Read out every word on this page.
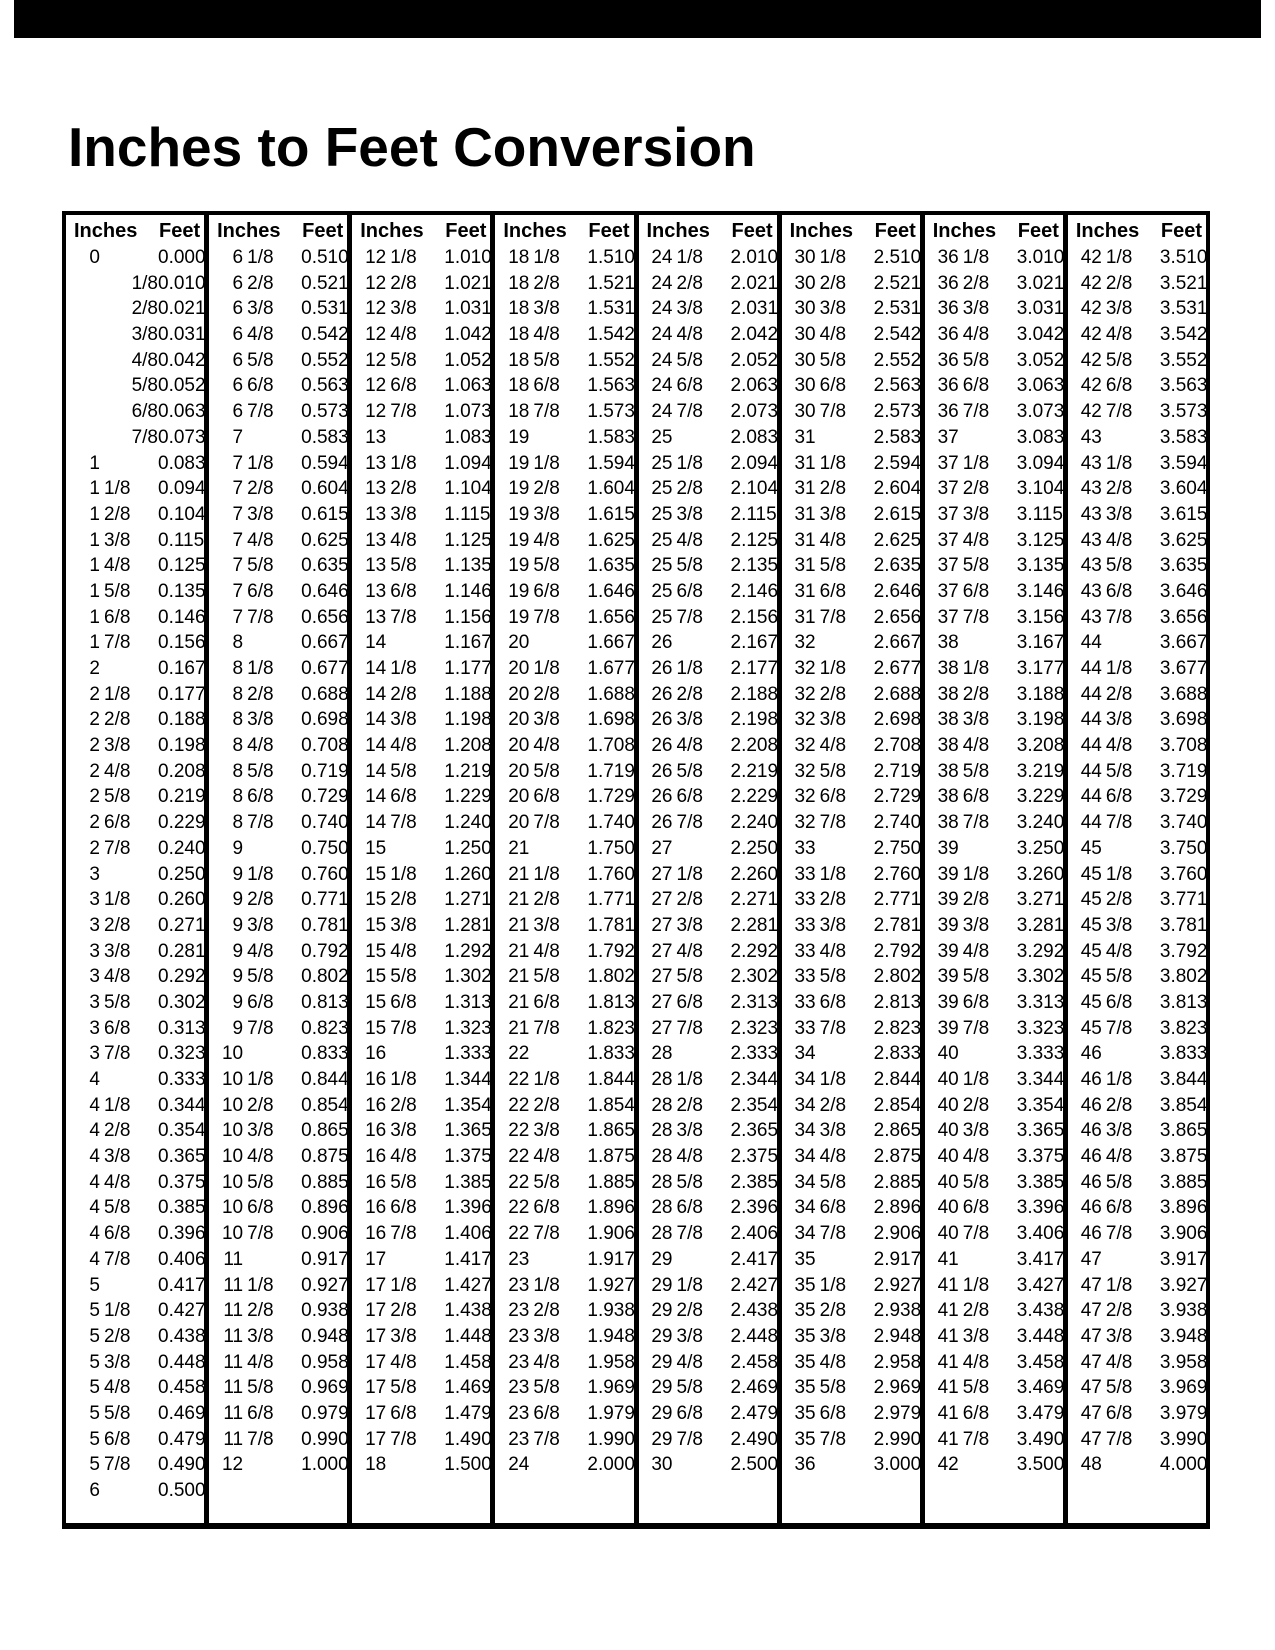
Inches to Feet Conversion
Inches Feet
0	0.000
1/8 0.010
2/8 0.021
3/8 0.031
4/8 0.042
5/8 0.052
6/8 0.063
7/8 0.073
1	0.083
1 1/8	0.094
1 2/8	0.104
1 3/8	0.115
1 4/8	0.125
1 5/8	0.135
1 6/8	0.146
1 7/8	0.156
2	0.167
2 1/8	0.177
2 2/8	0.188
2 3/8	0.198
2 4/8	0.208
2 5/8	0.219
2 6/8	0.229
2 7/8	0.240
3	0.250
3 1/8	0.260
3 2/8	0.271
3 3/8	0.281
3 4/8	0.292
3 5/8	0.302
3 6/8	0.313
3 7/8	0.323
4	0.333
4 1/8	0.344
4 2/8	0.354
4 3/8	0.365
4 4/8	0.375
4 5/8	0.385
4 6/8	0.396
4 7/8	0.406
5	0.417
5 1/8	0.427
5 2/8	0.438
5 3/8	0.448
5 4/8	0.458
5 5/8	0.469
5 6/8	0.479
5 7/8	0.490
6	0.500
Inches Feet
6 1/8	0.510
6 2/8	0.521
6 3/8	0.531
6 4/8	0.542
6 5/8	0.552
6 6/8	0.563
6 7/8	0.573
7	0.583
7 1/8	0.594
7 2/8	0.604
7 3/8	0.615
7 4/8	0.625
7 5/8	0.635
7 6/8	0.646
7 7/8	0.656
8	0.667
8 1/8	0.677
8 2/8	0.688
8 3/8	0.698
8 4/8	0.708
8 5/8	0.719
8 6/8	0.729
8 7/8	0.740
9	0.750
9 1/8	0.760
9 2/8	0.771
9 3/8	0.781
9 4/8	0.792
9 5/8	0.802
9 6/8	0.813
9 7/8	0.823
10	0.833
10 1/8	0.844
10 2/8	0.854
10 3/8	0.865
10 4/8	0.875
10 5/8	0.885
10 6/8	0.896
10 7/8	0.906
11	0.917
11 1/8	0.927
11 2/8	0.938
11 3/8	0.948
11 4/8	0.958
11 5/8	0.969
11 6/8	0.979
11 7/8	0.990
12	1.000
Inches Feet
12 1/8	1.010
12 2/8	1.021
12 3/8	1.031
12 4/8	1.042
12 5/8	1.052
12 6/8	1.063
12 7/8	1.073
13	1.083
13 1/8	1.094
13 2/8	1.104
13 3/8	1.115
13 4/8	1.125
13 5/8	1.135
13 6/8	1.146
13 7/8	1.156
14	1.167
14 1/8	1.177
14 2/8	1.188
14 3/8	1.198
14 4/8	1.208
14 5/8	1.219
14 6/8	1.229
14 7/8	1.240
15	1.250
15 1/8	1.260
15 2/8	1.271
15 3/8	1.281
15 4/8	1.292
15 5/8	1.302
15 6/8	1.313
15 7/8	1.323
16	1.333
16 1/8	1.344
16 2/8	1.354
16 3/8	1.365
16 4/8	1.375
16 5/8	1.385
16 6/8	1.396
16 7/8	1.406
17	1.417
17 1/8	1.427
17 2/8	1.438
17 3/8	1.448
17 4/8	1.458
17 5/8	1.469
17 6/8	1.479
17 7/8	1.490
18	1.500
Inches Feet
18 1/8	1.510
18 2/8	1.521
18 3/8	1.531
18 4/8	1.542
18 5/8	1.552
18 6/8	1.563
18 7/8	1.573
19	1.583
19 1/8	1.594
19 2/8	1.604
19 3/8	1.615
19 4/8	1.625
19 5/8	1.635
19 6/8	1.646
19 7/8	1.656
20	1.667
20 1/8	1.677
20 2/8	1.688
20 3/8	1.698
20 4/8	1.708
20 5/8	1.719
20 6/8	1.729
20 7/8	1.740
21	1.750
21 1/8	1.760
21 2/8	1.771
21 3/8	1.781
21 4/8	1.792
21 5/8	1.802
21 6/8	1.813
21 7/8	1.823
22	1.833
22 1/8	1.844
22 2/8	1.854
22 3/8	1.865
22 4/8	1.875
22 5/8	1.885
22 6/8	1.896
22 7/8	1.906
23	1.917
23 1/8	1.927
23 2/8	1.938
23 3/8	1.948
23 4/8	1.958
23 5/8	1.969
23 6/8	1.979
23 7/8	1.990
24	2.000
Inches Feet
24 1/8	2.010
24 2/8	2.021
24 3/8	2.031
24 4/8	2.042
24 5/8	2.052
24 6/8	2.063
24 7/8	2.073
25	2.083
25 1/8	2.094
25 2/8	2.104
25 3/8	2.115
25 4/8	2.125
25 5/8	2.135
25 6/8	2.146
25 7/8	2.156
26	2.167
26 1/8	2.177
26 2/8	2.188
26 3/8	2.198
26 4/8	2.208
26 5/8	2.219
26 6/8	2.229
26 7/8	2.240
27	2.250
27 1/8	2.260
27 2/8	2.271
27 3/8	2.281
27 4/8	2.292
27 5/8	2.302
27 6/8	2.313
27 7/8	2.323
28	2.333
28 1/8	2.344
28 2/8	2.354
28 3/8	2.365
28 4/8	2.375
28 5/8	2.385
28 6/8	2.396
28 7/8	2.406
29	2.417
29 1/8	2.427
29 2/8	2.438
29 3/8	2.448
29 4/8	2.458
29 5/8	2.469
29 6/8	2.479
29 7/8	2.490
30	2.500
Inches Feet
30 1/8	2.510
30 2/8	2.521
30 3/8	2.531
30 4/8	2.542
30 5/8	2.552
30 6/8	2.563
30 7/8	2.573
31	2.583
31 1/8	2.594
31 2/8	2.604
31 3/8	2.615
31 4/8	2.625
31 5/8	2.635
31 6/8	2.646
31 7/8	2.656
32	2.667
32 1/8	2.677
32 2/8	2.688
32 3/8	2.698
32 4/8	2.708
32 5/8	2.719
32 6/8	2.729
32 7/8	2.740
33	2.750
33 1/8	2.760
33 2/8	2.771
33 3/8	2.781
33 4/8	2.792
33 5/8	2.802
33 6/8	2.813
33 7/8	2.823
34	2.833
34 1/8	2.844
34 2/8	2.854
34 3/8	2.865
34 4/8	2.875
34 5/8	2.885
34 6/8	2.896
34 7/8	2.906
35	2.917
35 1/8	2.927
35 2/8	2.938
35 3/8	2.948
35 4/8	2.958
35 5/8	2.969
35 6/8	2.979
35 7/8	2.990
36	3.000
Inches Feet
36 1/8	3.010
36 2/8	3.021
36 3/8	3.031
36 4/8	3.042
36 5/8	3.052
36 6/8	3.063
36 7/8	3.073
37	3.083
37 1/8	3.094
37 2/8	3.104
37 3/8	3.115
37 4/8	3.125
37 5/8	3.135
37 6/8	3.146
37 7/8	3.156
38	3.167
38 1/8	3.177
38 2/8	3.188
38 3/8	3.198
38 4/8	3.208
38 5/8	3.219
38 6/8	3.229
38 7/8	3.240
39	3.250
39 1/8	3.260
39 2/8	3.271
39 3/8	3.281
39 4/8	3.292
39 5/8	3.302
39 6/8	3.313
39 7/8	3.323
40	3.333
40 1/8	3.344
40 2/8	3.354
40 3/8	3.365
40 4/8	3.375
40 5/8	3.385
40 6/8	3.396
40 7/8	3.406
41	3.417
41 1/8	3.427
41 2/8	3.438
41 3/8	3.448
41 4/8	3.458
41 5/8	3.469
41 6/8	3.479
41 7/8	3.490
42	3.500
Inches Feet
42 1/8	3.510
42 2/8	3.521
42 3/8	3.531
42 4/8	3.542
42 5/8	3.552
42 6/8	3.563
42 7/8	3.573
43	3.583
43 1/8	3.594
43 2/8	3.604
43 3/8	3.615
43 4/8	3.625
43 5/8	3.635
43 6/8	3.646
43 7/8	3.656
44	3.667
44 1/8	3.677
44 2/8	3.688
44 3/8	3.698
44 4/8	3.708
44 5/8	3.719
44 6/8	3.729
44 7/8	3.740
45	3.750
45 1/8	3.760
45 2/8	3.771
45 3/8	3.781
45 4/8	3.792
45 5/8	3.802
45 6/8	3.813
45 7/8	3.823
46	3.833
46 1/8	3.844
46 2/8	3.854
46 3/8	3.865
46 4/8	3.875
46 5/8	3.885
46 6/8	3.896
46 7/8	3.906
47	3.917
47 1/8	3.927
47 2/8	3.938
47 3/8	3.948
47 4/8	3.958
47 5/8	3.969
47 6/8	3.979
47 7/8	3.990
48	4.000
